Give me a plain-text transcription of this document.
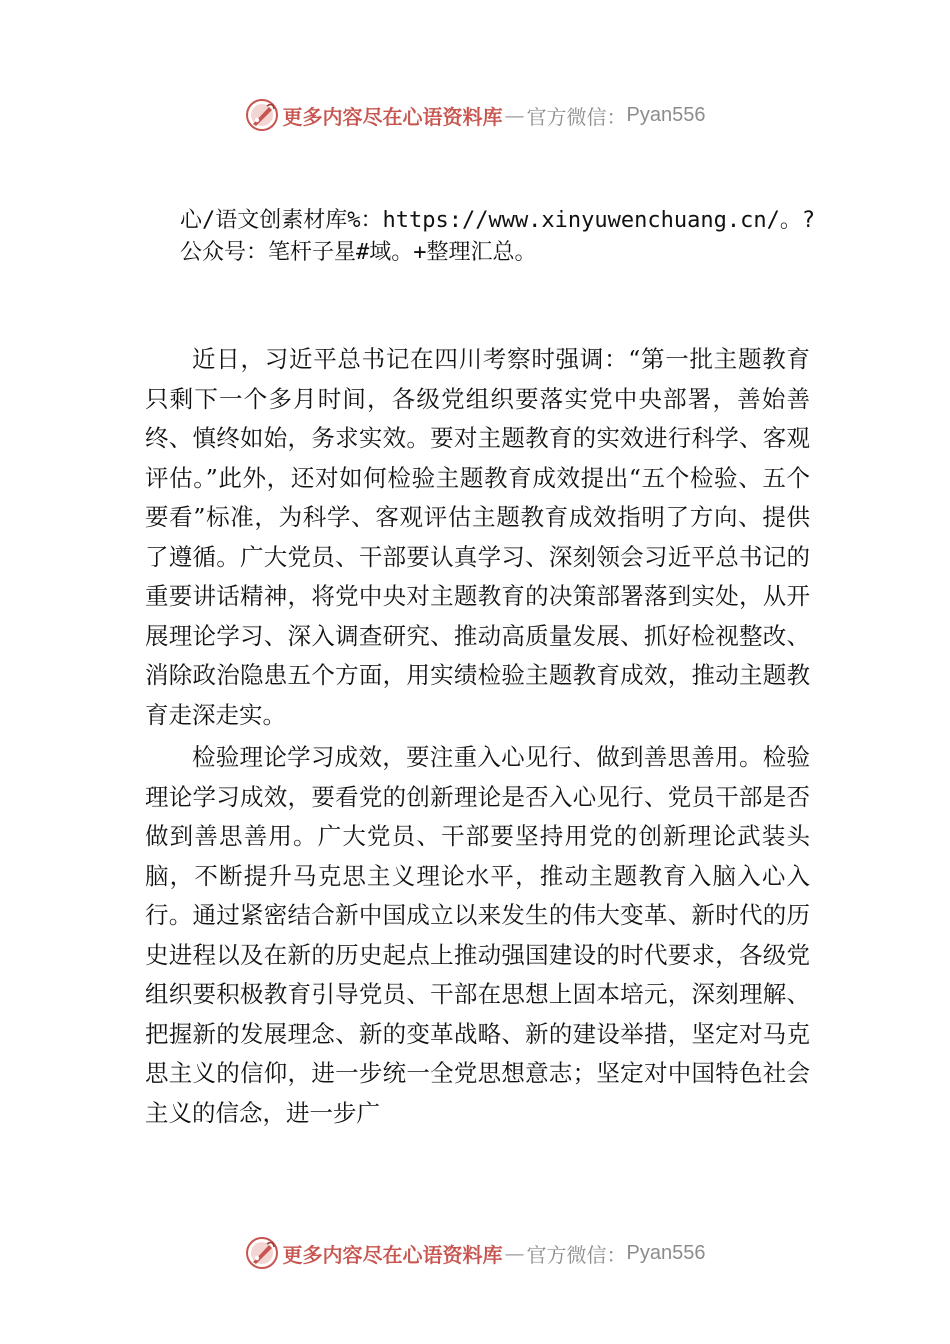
更多内容尽在心语资料库 — 官方微信： Pyan556
心/语文创素材库%：https://www.xinyuwenchuang.cn/。?
公众号：笔杆子星#域。+整理汇总。

近日，习近平总书记在四川考察时强调：“第一批主题教育只剩下一个多月时间，各级党组织要落实党中央部署，善始善终、慎终如始，务求实效。要对主题教育的实效进行科学、客观评估。”此外，还对如何检验主题教育成效提出“五个检验、五个要看”标准，为科学、客观评估主题教育成效指明了方向、提供了遵循。广大党员、干部要认真学习、深刻领会习近平总书记的重要讲话精神，将党中央对主题教育的决策部署落到实处，从开展理论学习、深入调查研究、推动高质量发展、抓好检视整改、消除政治隐患五个方面，用实绩检验主题教育成效，推动主题教育走深走实。

检验理论学习成效，要注重入心见行、做到善思善用。检验理论学习成效，要看党的创新理论是否入心见行、党员干部是否做到善思善用。广大党员、干部要坚持用党的创新理论武装头脑，不断提升马克思主义理论水平，推动主题教育入脑入心入行。通过紧密结合新中国成立以来发生的伟大变革、新时代的历史进程以及在新的历史起点上推动强国建设的时代要求，各级党组织要积极教育引导党员、干部在思想上固本培元，深刻理解、把握新的发展理念、新的变革战略、新的建设举措，坚定对马克思主义的信仰，进一步统一全党思想意志；坚定对中国特色社会主义的信念，进一步广

更多内容尽在心语资料库 — 官方微信： Pyan556
